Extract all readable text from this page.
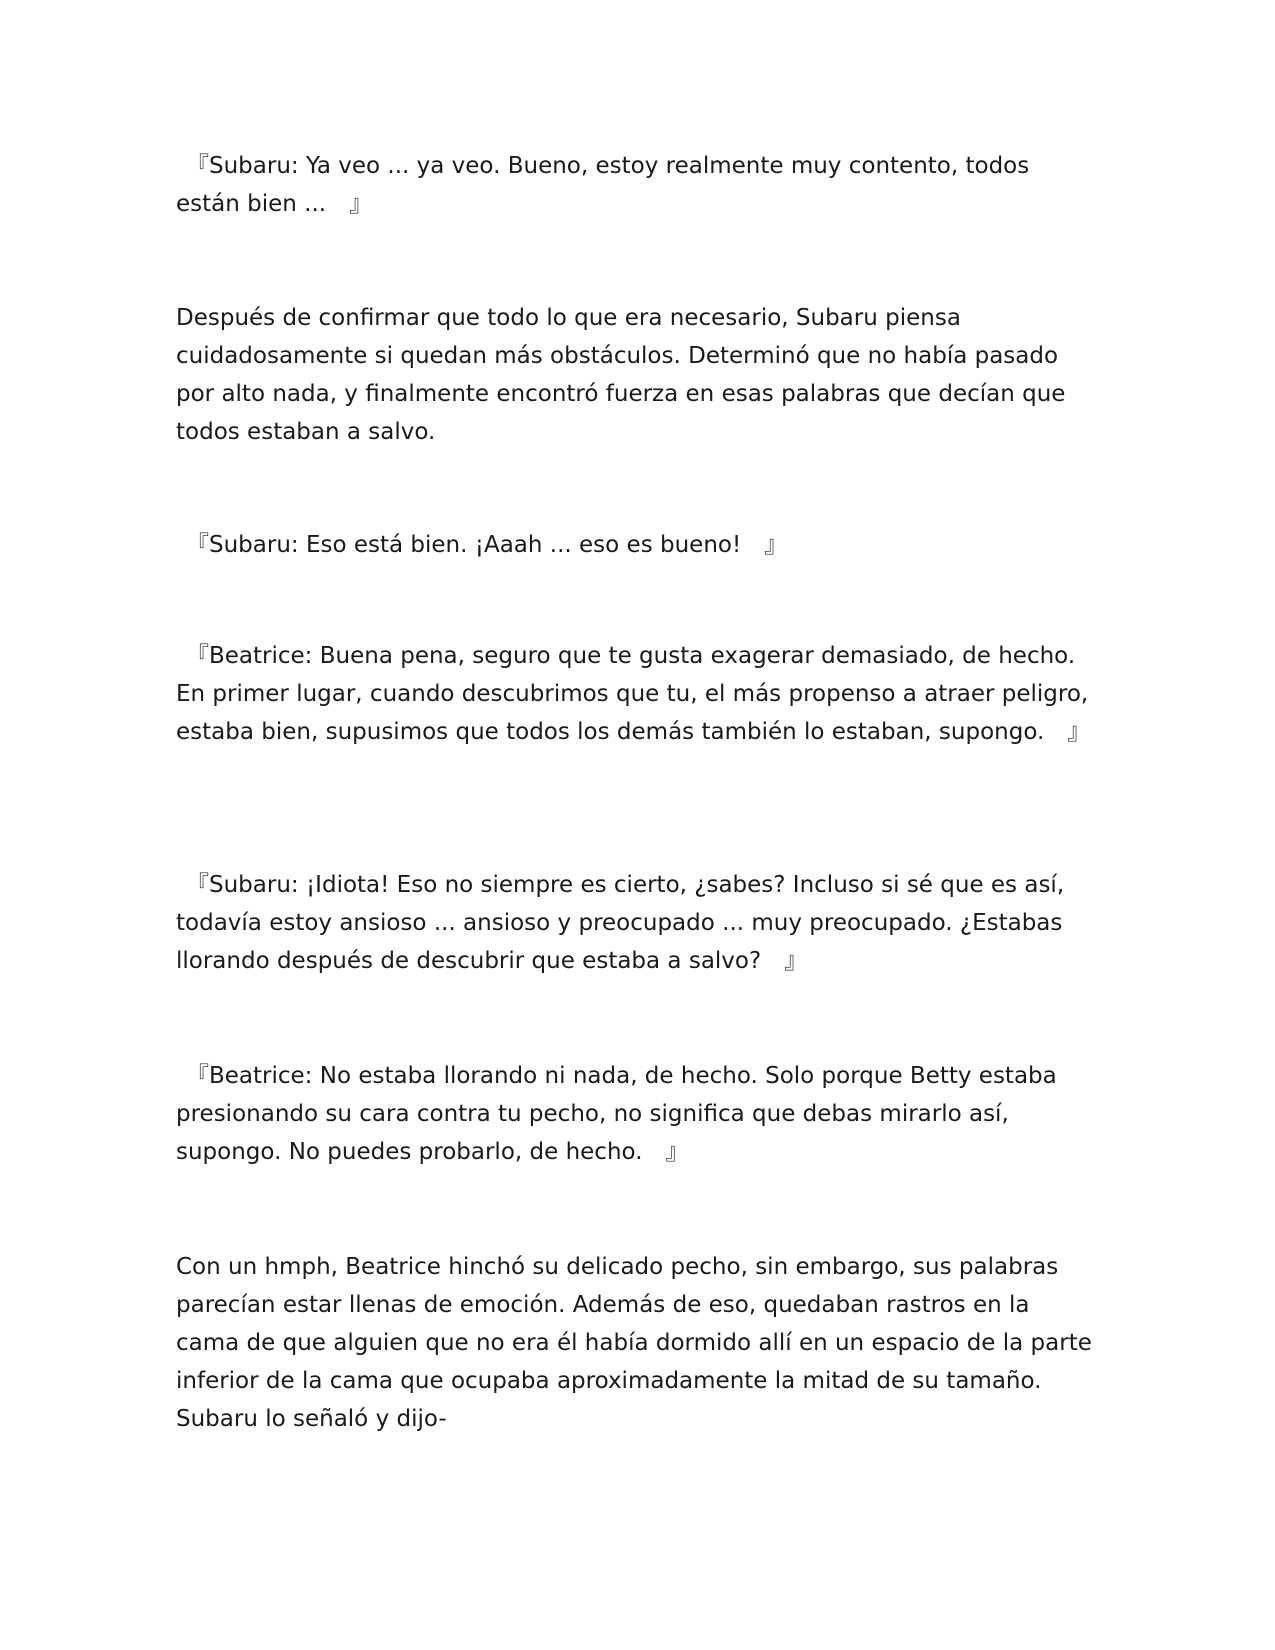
『Subaru: Ya veo ... ya veo. Bueno, estoy realmente muy contento, todos están bien ...　』

Después de confirmar que todo lo que era necesario, Subaru piensa cuidadosamente si quedan más obstáculos. Determinó que no había pasado por alto nada, y finalmente encontró fuerza en esas palabras que decían que todos estaban a salvo.

『Subaru: Eso está bien. ¡Aaah ... eso es bueno!　』

『Beatrice: Buena pena, seguro que te gusta exagerar demasiado, de hecho. En primer lugar, cuando descubrimos que tu, el más propenso a atraer peligro, estaba bien, supusimos que todos los demás también lo estaban, supongo.　』

『Subaru: ¡Idiota! Eso no siempre es cierto, ¿sabes? Incluso si sé que es así, todavía estoy ansioso ... ansioso y preocupado ... muy preocupado. ¿Estabas llorando después de descubrir que estaba a salvo?　』

『Beatrice: No estaba llorando ni nada, de hecho. Solo porque Betty estaba presionando su cara contra tu pecho, no significa que debas mirarlo así, supongo. No puedes probarlo, de hecho.　』

Con un hmph, Beatrice hinchó su delicado pecho, sin embargo, sus palabras parecían estar llenas de emoción. Además de eso, quedaban rastros en la cama de que alguien que no era él había dormido allí en un espacio de la parte inferior de la cama que ocupaba aproximadamente la mitad de su tamaño. Subaru lo señaló y dijo-
